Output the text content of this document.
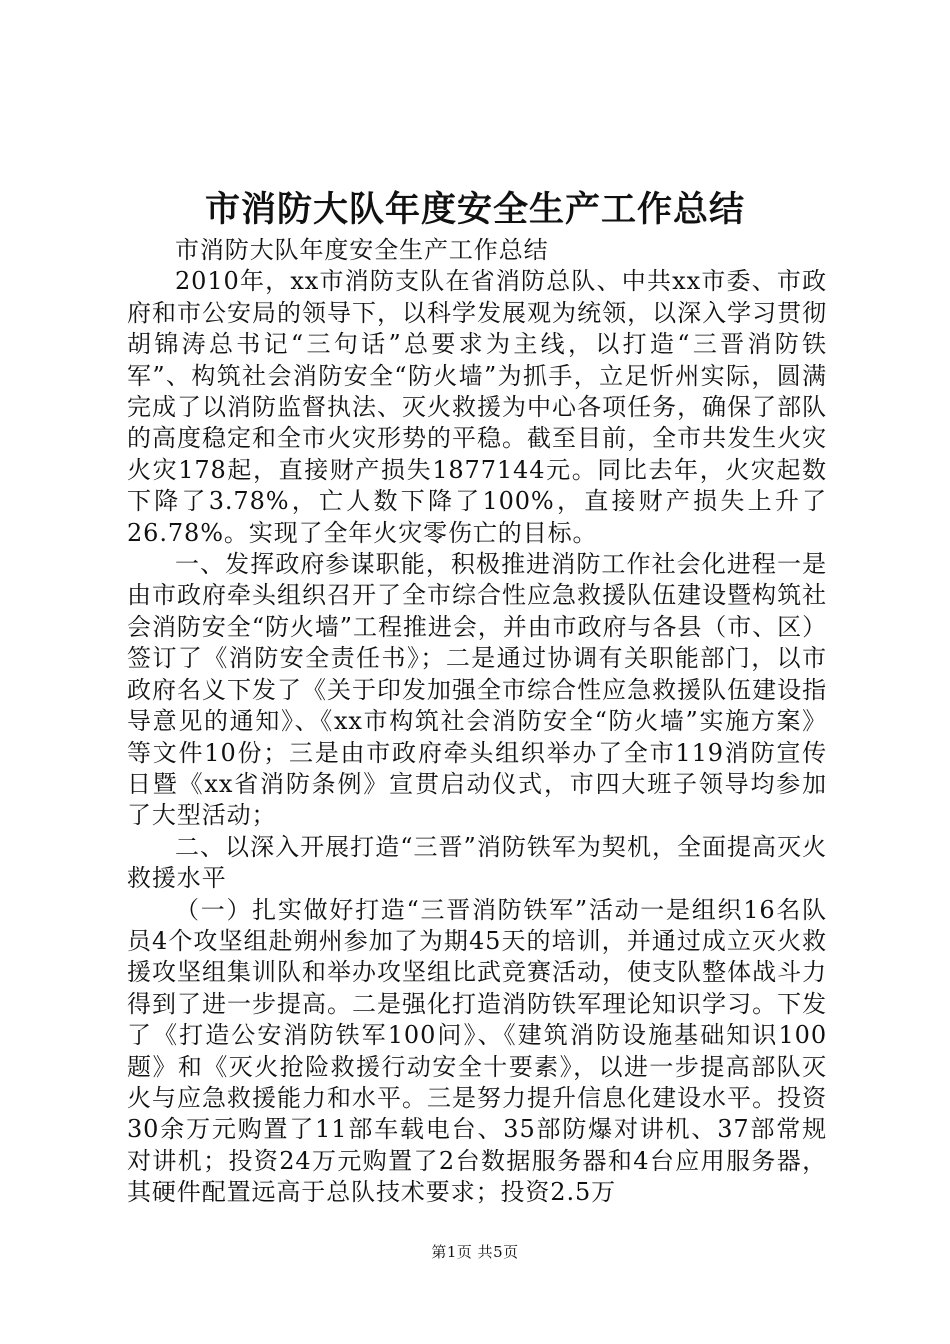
市消防大队年度安全生产工作总结

市消防大队年度安全生产工作总结

2010年，xx市消防支队在省消防总队、中共xx市委、市政府和市公安局的领导下，以科学发展观为统领，以深入学习贯彻胡锦涛总书记“三句话”总要求为主线，以打造“三晋消防铁军”、构筑社会消防安全“防火墙”为抓手，立足忻州实际，圆满完成了以消防监督执法、灭火救援为中心各项任务，确保了部队的高度稳定和全市火灾形势的平稳。截至目前，全市共发生火灾火灾178起，直接财产损失1877144元。同比去年，火灾起数下降了3.78%，亡人数下降了100%，直接财产损失上升了26.78%。实现了全年火灾零伤亡的目标。

一、发挥政府参谋职能，积极推进消防工作社会化进程一是由市政府牵头组织召开了全市综合性应急救援队伍建设暨构筑社会消防安全“防火墙”工程推进会，并由市政府与各县（市、区）签订了《消防安全责任书》；二是通过协调有关职能部门，以市政府名义下发了《关于印发加强全市综合性应急救援队伍建设指导意见的通知》、《xx市构筑社会消防安全“防火墙”实施方案》等文件10份；三是由市政府牵头组织举办了全市119消防宣传日暨《xx省消防条例》宣贯启动仪式，市四大班子领导均参加了大型活动；

二、以深入开展打造“三晋”消防铁军为契机，全面提高灭火救援水平

（一）扎实做好打造“三晋消防铁军”活动一是组织16名队员4个攻坚组赴朔州参加了为期45天的培训，并通过成立灭火救援攻坚组集训队和举办攻坚组比武竞赛活动，使支队整体战斗力得到了进一步提高。二是强化打造消防铁军理论知识学习。下发了《打造公安消防铁军100问》、《建筑消防设施基础知识100题》和《灭火抢险救援行动安全十要素》，以进一步提高部队灭火与应急救援能力和水平。三是努力提升信息化建设水平。投资30余万元购置了11部车载电台、35部防爆对讲机、37部常规对讲机；投资24万元购置了2台数据服务器和4台应用服务器，其硬件配置远高于总队技术要求；投资2.5万

第1页 共5页
